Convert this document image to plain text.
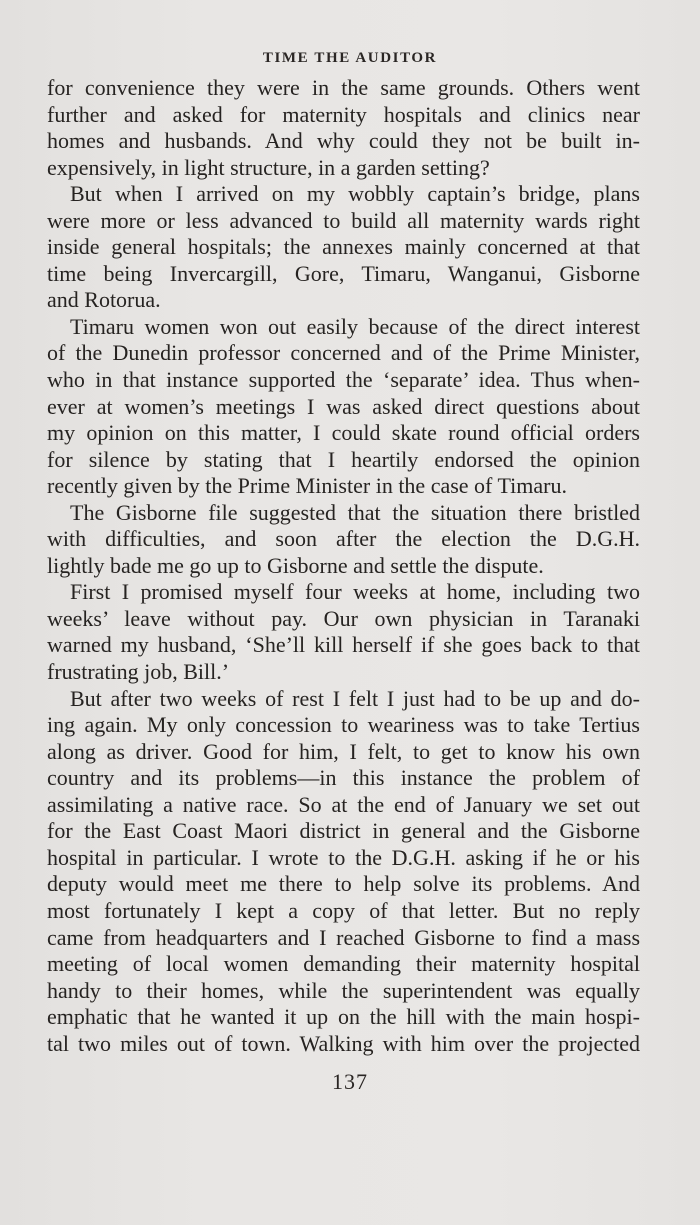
TIME THE AUDITOR
for convenience they were in the same grounds. Others went
further and asked for maternity hospitals and clinics near
homes and husbands. And why could they not be built in-
expensively, in light structure, in a garden setting?
But when I arrived on my wobbly captain’s bridge, plans
were more or less advanced to build all maternity wards right
inside general hospitals; the annexes mainly concerned at that
time being Invercargill, Gore, Timaru, Wanganui, Gisborne
and Rotorua.
Timaru women won out easily because of the direct interest
of the Dunedin professor concerned and of the Prime Minister,
who in that instance supported the ‘separate’ idea. Thus when-
ever at women’s meetings I was asked direct questions about
my opinion on this matter, I could skate round official orders
for silence by stating that I heartily endorsed the opinion
recently given by the Prime Minister in the case of Timaru.
The Gisborne file suggested that the situation there bristled
with difficulties, and soon after the election the D.G.H.
lightly bade me go up to Gisborne and settle the dispute.
First I promised myself four weeks at home, including two
weeks’ leave without pay. Our own physician in Taranaki
warned my husband, ‘She’ll kill herself if she goes back to that
frustrating job, Bill.’
But after two weeks of rest I felt I just had to be up and do-
ing again. My only concession to weariness was to take Tertius
along as driver. Good for him, I felt, to get to know his own
country and its problems—in this instance the problem of
assimilating a native race. So at the end of January we set out
for the East Coast Maori district in general and the Gisborne
hospital in particular. I wrote to the D.G.H. asking if he or his
deputy would meet me there to help solve its problems. And
most fortunately I kept a copy of that letter. But no reply
came from headquarters and I reached Gisborne to find a mass
meeting of local women demanding their maternity hospital
handy to their homes, while the superintendent was equally
emphatic that he wanted it up on the hill with the main hospi-
tal two miles out of town. Walking with him over the projected
137
